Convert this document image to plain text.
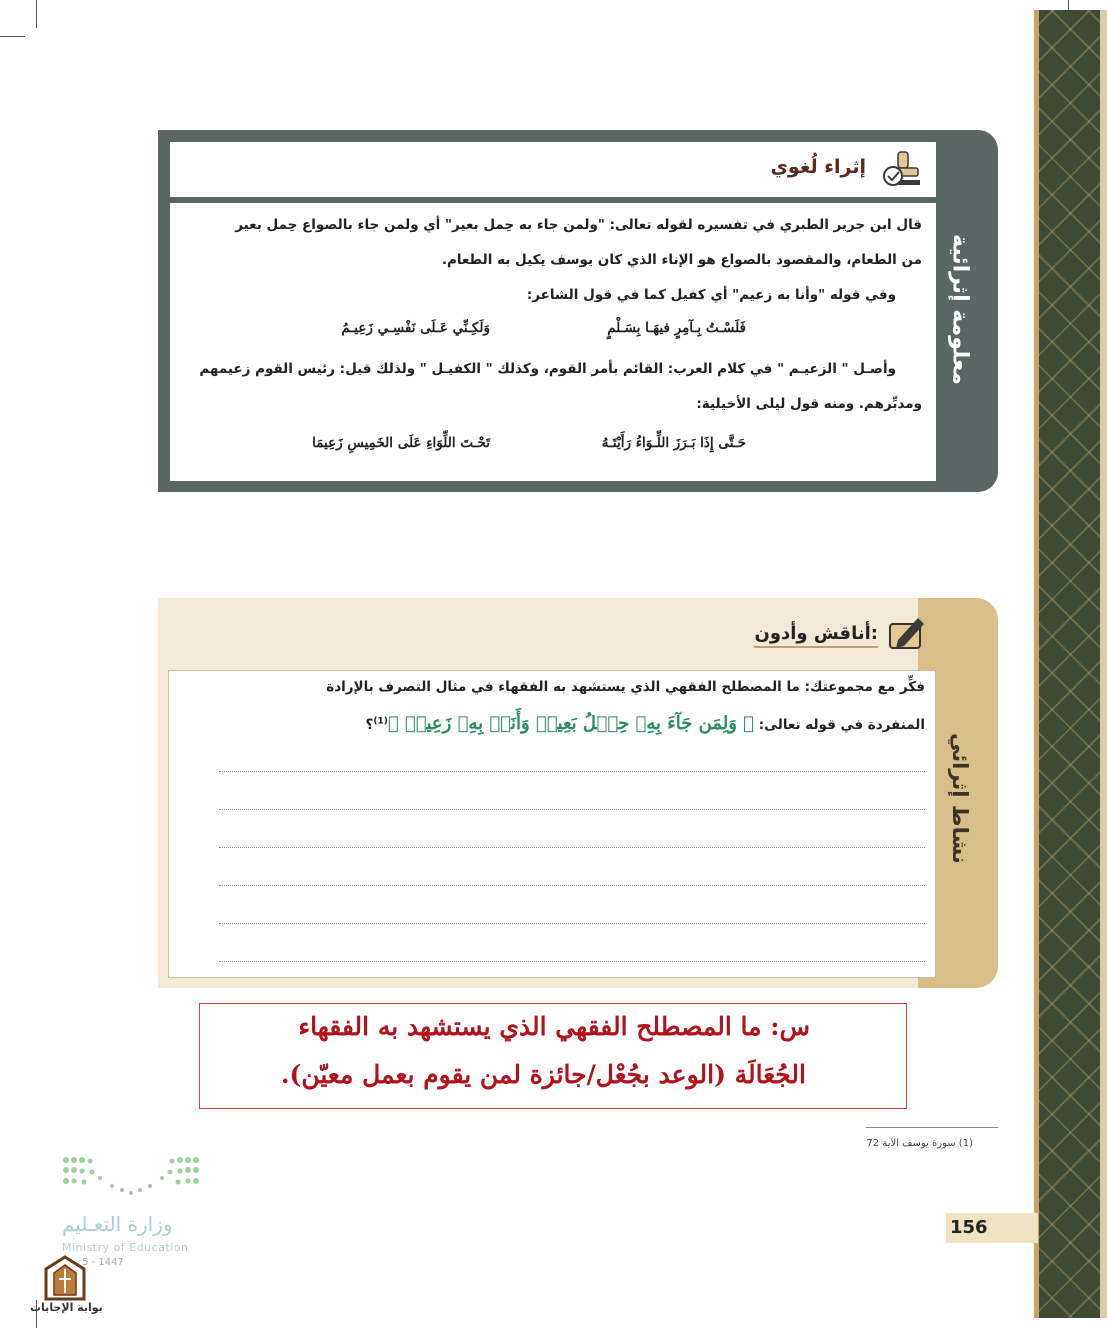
معلومة إثرائية
إثراء لُغوي
قال ابن جرير الطبري في تفسيره لقوله تعالى: "ولمن جاء به حِمل بعير" أي ولمن جاء بالصواع حِمل بعير
من الطعام، والمقصود بالصواع هو الإناء الذي كان يوسف يكيل به الطعام.
وفي قوله "وأنا به زعيم" أي كفيل كما في قول الشاعر:
فَلَسْـتُ بِـآمِرٍ فيهَـا بِسَـلْمٍ
وَلَكِـنِّي عَـلَى نَفْسِـي زَعِيـمُ
وأصـل " الزعيـم " في كلام العرب: القائم بأمر القوم، وكذلك " الكفيـل " ولذلك قيل: رئيس القوم زعيمهم
ومدبِّرهم. ومنه قول ليلى الأخيلية:
حَـتَّى إِذَا بَـرَزَ اللِّـوَاءُ رَأَيْتَـهُ
تَحْـتَ اللِّوَاءِ عَلَى الخَمِيسِ زَعِيمَا
نشاط إثرائي
أناقش وأدون:
فكِّر مع مجموعتك: ما المصطلح الفقهي الذي يستشهد به الفقهاء في مثال التصرف بالإرادة
المنفردة في قوله تعالى: ﴿ وَلِمَن جَآءَ بِهِۦ حِمۡلُ بَعِيرٖ وَأَنَا۠ بِهِۦ زَعِيمٞ ﴾$^{(1)}$؟
س: ما المصطلح الفقهي الذي يستشهد به الفقهاء
الجُعَالَة (الوعد بجُعْل/جائزة لمن يقوم بعمل معيّن).
(1) سورة يوسف الآية 72
156
وزارة التعـليم
Ministry of Education
5 - 1447
بوابة الإجابات
